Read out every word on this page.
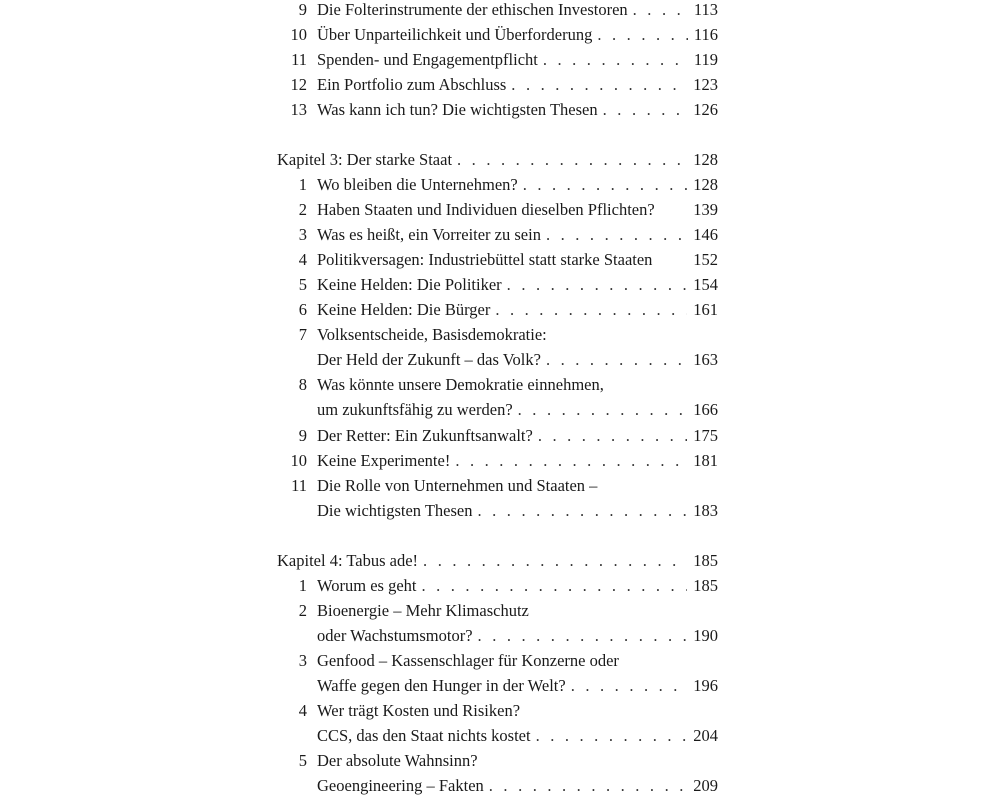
9 Die Folterinstrumente der ethischen Investoren . . .	113
10 Über Unparteilichkeit und Überforderung . . .	116
11 Spenden- und Engagementpflicht . . .	119
12 Ein Portfolio zum Abschluss . . .	123
13 Was kann ich tun? Die wichtigsten Thesen . . .	126
Kapitel 3: Der starke Staat . . .	128
1 Wo bleiben die Unternehmen? . . .	128
2 Haben Staaten und Individuen dieselben Pflichten?	139
3 Was es heißt, ein Vorreiter zu sein . . .	146
4 Politikversagen: Industriebüttel statt starke Staaten	152
5 Keine Helden: Die Politiker . . .	154
6 Keine Helden: Die Bürger . . .	161
7 Volksentscheide, Basisdemokratie:
Der Held der Zukunft – das Volk? . . .	163
8 Was könnte unsere Demokratie einnehmen,
um zukunftsfähig zu werden? . . .	166
9 Der Retter: Ein Zukunftsanwalt? . . .	175
10 Keine Experimente! . . .	181
11 Die Rolle von Unternehmen und Staaten –
Die wichtigsten Thesen . . .	183
Kapitel 4: Tabus ade! . . .	185
1 Worum es geht . . .	185
2 Bioenergie – Mehr Klimaschutz
oder Wachstumsmotor? . . .	190
3 Genfood – Kassenschlager für Konzerne oder
Waffe gegen den Hunger in der Welt? . . .	196
4 Wer trägt Kosten und Risiken?
CCS, das den Staat nichts kostet . . .	204
5 Der absolute Wahnsinn?
Geoengineering – Fakten . . .	209
